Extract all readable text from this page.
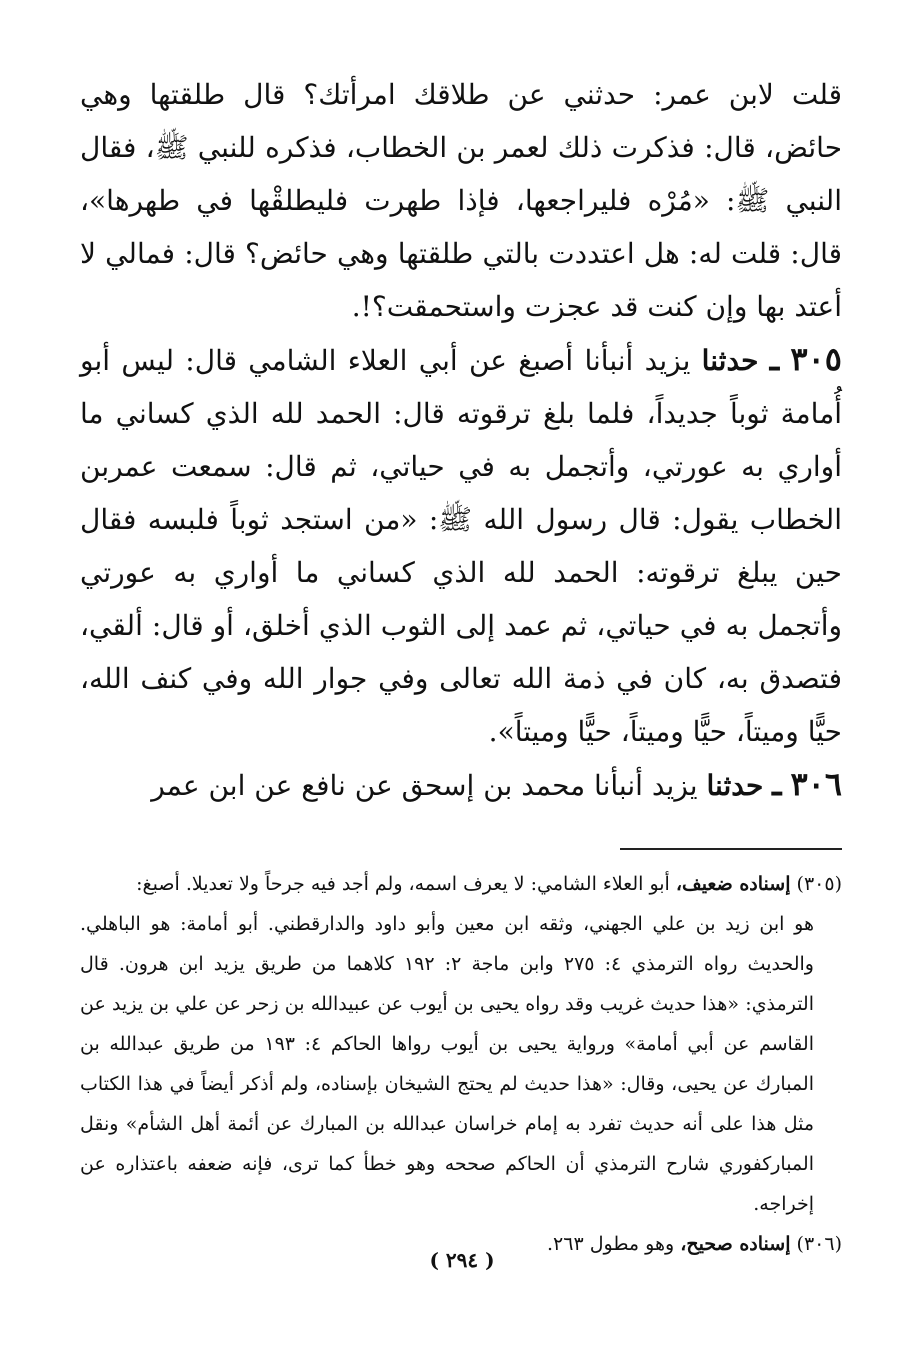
قلت لابن عمر: حدثني عن طلاقك امرأتك؟ قال طلقتها وهي حائض، قال: فذكرت ذلك لعمر بن الخطاب، فذكره للنبي ﷺ، فقال النبي ﷺ: «مُرْه فليراجعها، فإذا طهرت فليطلقْها في طهرها»، قال: قلت له: هل اعتددت بالتي طلقتها وهي حائض؟ قال: فمالي لا أعتد بها وإن كنت قد عجزت واستحمقت؟!.

٣٠٥ ـ حدثنا يزيد أنبأنا أصبغ عن أبي العلاء الشامي قال: ليس أبو أُمامة ثوباً جديداً، فلما بلغ ترقوته قال: الحمد لله الذي كساني ما أواري به عورتي، وأتجمل به في حياتي، ثم قال: سمعت عمربن الخطاب يقول: قال رسول الله ﷺ: «من استجد ثوباً فلبسه فقال حين يبلغ ترقوته: الحمد لله الذي كساني ما أواري به عورتي وأتجمل به في حياتي، ثم عمد إلى الثوب الذي أخلق، أو قال: ألقي، فتصدق به، كان في ذمة الله تعالى وفي جوار الله وفي كنف الله، حيًّا وميتاً، حيًّا وميتاً، حيًّا وميتاً».

٣٠٦ ـ حدثنا يزيد أنبأنا محمد بن إسحق عن نافع عن ابن عمر

(٣٠٥) إسناده ضعيف، أبو العلاء الشامي: لا يعرف اسمه، ولم أجد فيه جرحاً ولا تعديلا. أصبغ:

هو ابن زيد بن علي الجهني، وثقه ابن معين وأبو داود والدارقطني. أبو أمامة: هو الباهلي. والحديث رواه الترمذي ٤: ٢٧٥ وابن ماجة ٢: ١٩٢ كلاهما من طريق يزيد ابن هرون. قال الترمذي: «هذا حديث غريب وقد رواه يحيى بن أيوب عن عبيدالله بن زحر عن علي بن يزيد عن القاسم عن أبي أمامة» ورواية يحيى بن أيوب رواها الحاكم ٤: ١٩٣ من طريق عبدالله بن المبارك عن يحيى، وقال: «هذا حديث لم يحتج الشيخان بإسناده، ولم أذكر أيضاً في هذا الكتاب مثل هذا على أنه حديث تفرد به إمام خراسان عبدالله بن المبارك عن أئمة أهل الشأم» ونقل المباركفوري شارح الترمذي أن الحاكم صححه وهو خطأ كما ترى، فإنه ضعفه باعتذاره عن إخراجه.

(٣٠٦) إسناده صحيح، وهو مطول ٢٦٣.

( ٢٩٤ )
